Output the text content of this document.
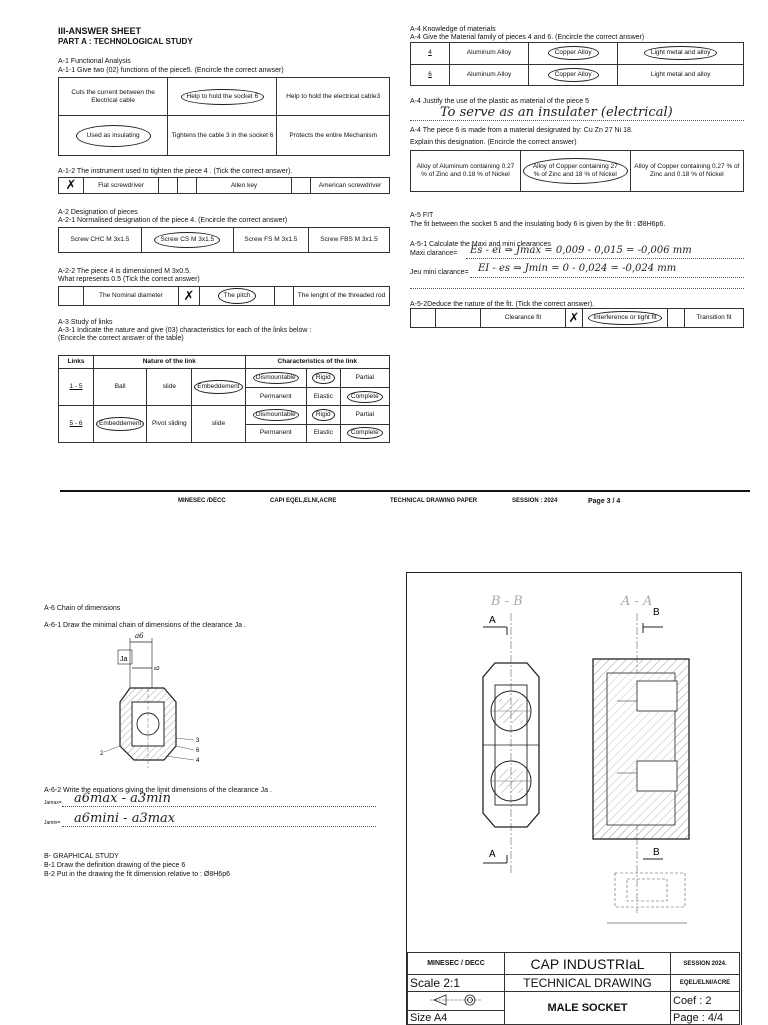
III-ANSWER SHEET
PART A : TECHNOLOGICAL STUDY
A-1 Functional Analysis
A-1-1 Give two (02) functions of the piece5. (Encircle the correct anwser)
Cuts the current between the Electrical cable	Help to hold the socket 6	Help to hold the electrical cable3
Used as insulating	Tightens the cable 3 in the socket 6	Protects the entire Mechanism
A-1-2 The instrument used to tighten the piece 4 . (Tick the correct answer).
✗	Flat screwdriver			Allen key		American screwdriver
A-2 Designation of pieces
A-2-1 Normalised designation of the piece 4. (Encircle the correct answer)
Screw CHC M 3x1.5	Screw CS M 3x1.5	Screw FS M 3x1.5	Screw FBS M 3x1.5
A-2-2 The piece 4 is dimensioned M 3x0.5.
What represents 0.5 (Tick the correct answer)
	The Nominal diameter	✗	The pitch		The lenght of the threaded rod
A-3 Study of links
A-3-1 Indicate the nature and give (03) characteristics for each of the links below :
(Encircle the correct answer of the table)
Links	Nature of the link			Characteristics of the link		
1 - 5	Ball	slide	Embeddement	Dismountable	Rigid	Partial
				Permanent	Elastic	Complete
5 - 6	Embeddement	Pivot sliding	slide	Dismountable	Rigid	Partial
				Permanent	Elastic	Complete
A-4 Knowledge of materials
A-4 Give the Material family of pieces 4 and 6. (Encircle the correct answer)
4	Aluminum Alloy	Copper Alloy	Light metal and alloy
6	Aluminum Alloy	Copper Alloy	Light metal and alloy
A-4 Justify the use of the plastic as material of the piece 5
To serve as an insulater (electrical)
A-4 The piece 6 is made from a material designated by: Cu Zn 27 Ni 18.
Explain this designation. (Encircle the correct answer)
Alloy of Aluminum containing 0.27 % of Zinc and 0.18 % of Nickel	Alloy of Copper containing 27 % of Zinc and 18 % of Nickel	Alloy of Copper containing 0.27 % of Zinc and 0.18 % of Nickel
A-5 FIT
The fit between the socket 5 and the insulating body 6 is given by the fit : Ø8H6p6.
A-5-1 Calculate the Maxi and mini clearances
Maxi clarance= Es - ei ⇒ Jmax = 0,009 - 0,015 = -0,006 mm
Jeu mini clarance= EI - es ⇒ Jmin = 0 - 0,024 = -0,024 mm
A-5-2Deduce the nature of the fit. (Tick the correct answer).
		Clearance fit	✗	Interference or tight fit		Transition fit
MINESEC /DECC	CAPI EQEL,ELNI,ACRE	TECHNICAL DRAWING PAPER	SESSION : 2024	Page 3 / 4
A-6 Chain of dimensions
A-6-1 Draw the minimal chain of dimensions of the clearance Ja .
a6
Ja
a3
2
3
6
4
A-6-2 Write the equations giving the limit dimensions of the clearance Ja .
Jamax= a6max - a3min
Jamin= a6mini - a3max
B- GRAPHICAL STUDY
B-1 Draw the definition drawing of the piece 6
B-2 Put in the drawing the fit dimension relative to : Ø8H6p6
B - B	A - A
A
B
A	B
MINESEC / DECC	CAP INDUSTRIaL	SESSION 2024.
Scale 2:1	TECHNICAL DRAWING	EQEL/ELNI/ACRE
	MALE SOCKET	Coef : 2
Size A4		Page : 4/4
